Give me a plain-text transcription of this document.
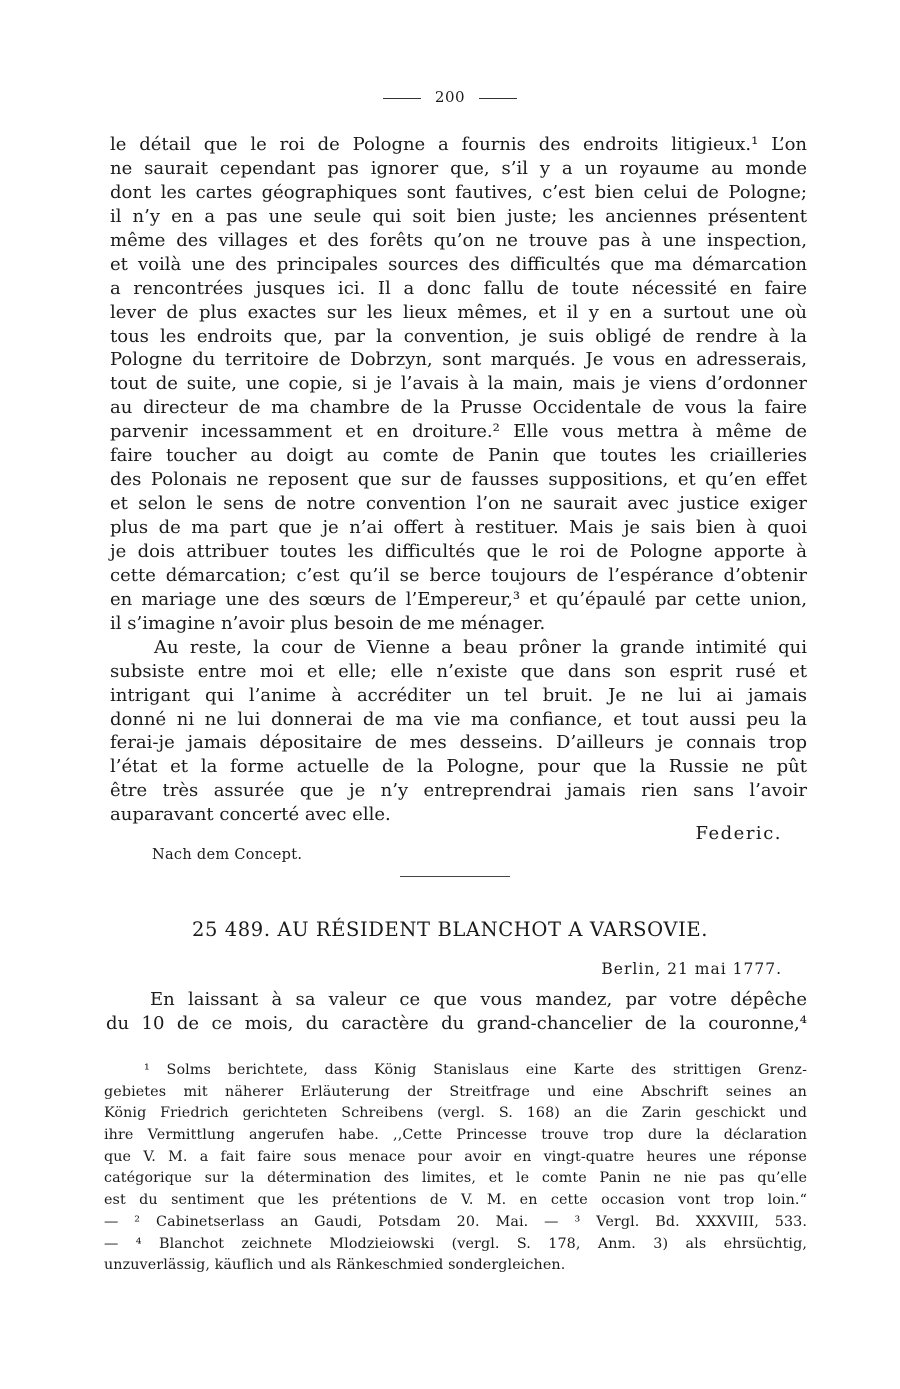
200
le détail que le roi de Pologne a fournis des endroits litigieux.¹ L’on
ne saurait cependant pas ignorer que, s’il y a un royaume au monde
dont les cartes géographiques sont fautives, c’est bien celui de Pologne;
il n’y en a pas une seule qui soit bien juste; les anciennes présentent
même des villages et des forêts qu’on ne trouve pas à une inspection,
et voilà une des principales sources des difficultés que ma démarcation
a rencontrées jusques ici. Il a donc fallu de toute nécessité en faire
lever de plus exactes sur les lieux mêmes, et il y en a surtout une où
tous les endroits que, par la convention, je suis obligé de rendre à la
Pologne du territoire de Dobrzyn, sont marqués. Je vous en adresserais,
tout de suite, une copie, si je l’avais à la main, mais je viens d’ordonner
au directeur de ma chambre de la Prusse Occidentale de vous la faire
parvenir incessamment et en droiture.² Elle vous mettra à même de
faire toucher au doigt au comte de Panin que toutes les criailleries
des Polonais ne reposent que sur de fausses suppositions, et qu’en effet
et selon le sens de notre convention l’on ne saurait avec justice exiger
plus de ma part que je n’ai offert à restituer. Mais je sais bien à quoi
je dois attribuer toutes les difficultés que le roi de Pologne apporte à
cette démarcation; c’est qu’il se berce toujours de l’espérance d’obtenir
en mariage une des sœurs de l’Empereur,³ et qu’épaulé par cette union,
il s’imagine n’avoir plus besoin de me ménager.
Au reste, la cour de Vienne a beau prôner la grande intimité qui
subsiste entre moi et elle; elle n’existe que dans son esprit rusé et
intrigant qui l’anime à accréditer un tel bruit. Je ne lui ai jamais
donné ni ne lui donnerai de ma vie ma confiance, et tout aussi peu la
ferai-je jamais dépositaire de mes desseins. D’ailleurs je connais trop
l’état et la forme actuelle de la Pologne, pour que la Russie ne pût
être très assurée que je n’y entreprendrai jamais rien sans l’avoir
auparavant concerté avec elle.
Federic.
Nach dem Concept.
25 489. AU RÉSIDENT BLANCHOT A VARSOVIE.
Berlin, 21 mai 1777.
En laissant à sa valeur ce que vous mandez, par votre dépêche
du 10 de ce mois, du caractère du grand-chancelier de la couronne,⁴
¹ Solms berichtete, dass König Stanislaus eine Karte des strittigen Grenz-
gebietes mit näherer Erläuterung der Streitfrage und eine Abschrift seines an
König Friedrich gerichteten Schreibens (vergl. S. 168) an die Zarin geschickt und
ihre Vermittlung angerufen habe. ,,Cette Princesse trouve trop dure la déclaration
que V. M. a fait faire sous menace pour avoir en vingt-quatre heures une réponse
catégorique sur la détermination des limites, et le comte Panin ne nie pas qu’elle
est du sentiment que les prétentions de V. M. en cette occasion vont trop loin.“
— ² Cabinetserlass an Gaudi, Potsdam 20. Mai. — ³ Vergl. Bd. XXXVIII, 533.
— ⁴ Blanchot zeichnete Mlodzieiowski (vergl. S. 178, Anm. 3) als ehrsüchtig,
unzuverlässig, käuflich und als Ränkeschmied sondergleichen.
